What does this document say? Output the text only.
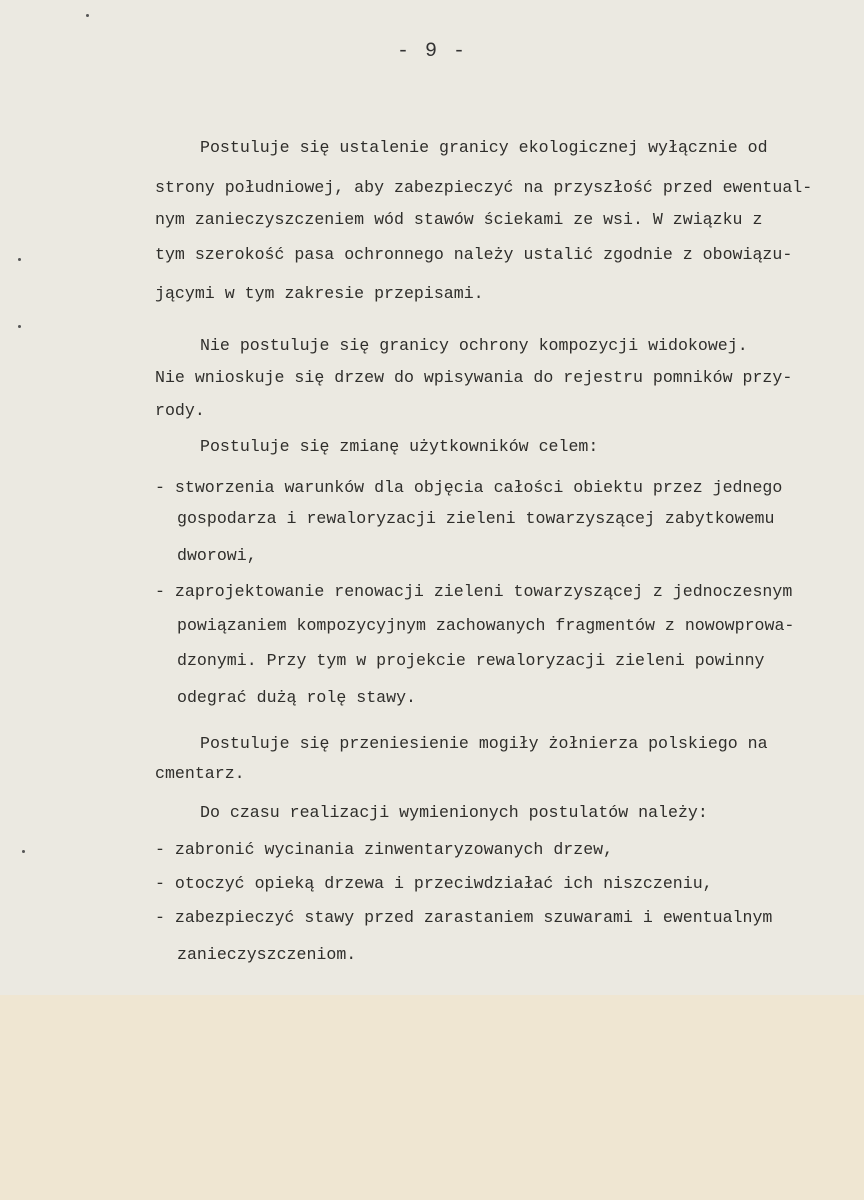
- 9 -
Postuluje się ustalenie granicy ekologicznej wyłącznie od
strony południowej, aby zabezpieczyć na przyszłość przed ewentual-
nym zanieczyszczeniem wód stawów ściekami ze wsi. W związku z
tym szerokość pasa ochronnego należy ustalić zgodnie z obowiązu-
jącymi w tym zakresie przepisami.
Nie postuluje się granicy ochrony kompozycji widokowej.
Nie wnioskuje się drzew do wpisywania do rejestru pomników przy-
rody.
Postuluje się zmianę użytkowników celem:
- stworzenia warunków dla objęcia całości obiektu przez jednego
gospodarza i rewaloryzacji zieleni towarzyszącej zabytkowemu
dworowi,
- zaprojektowanie renowacji zieleni towarzyszącej z jednoczesnym
powiązaniem kompozycyjnym zachowanych fragmentów z nowowprowa-
dzonymi. Przy tym w projekcie rewaloryzacji zieleni powinny
odegrać dużą rolę stawy.
Postuluje się przeniesienie mogiły żołnierza polskiego na
cmentarz.
Do czasu realizacji wymienionych postulatów należy:
- zabronić wycinania zinwentaryzowanych drzew,
- otoczyć opieką drzewa i przeciwdziałać ich niszczeniu,
- zabezpieczyć stawy przed zarastaniem szuwarami i ewentualnym
zanieczyszczeniom.
